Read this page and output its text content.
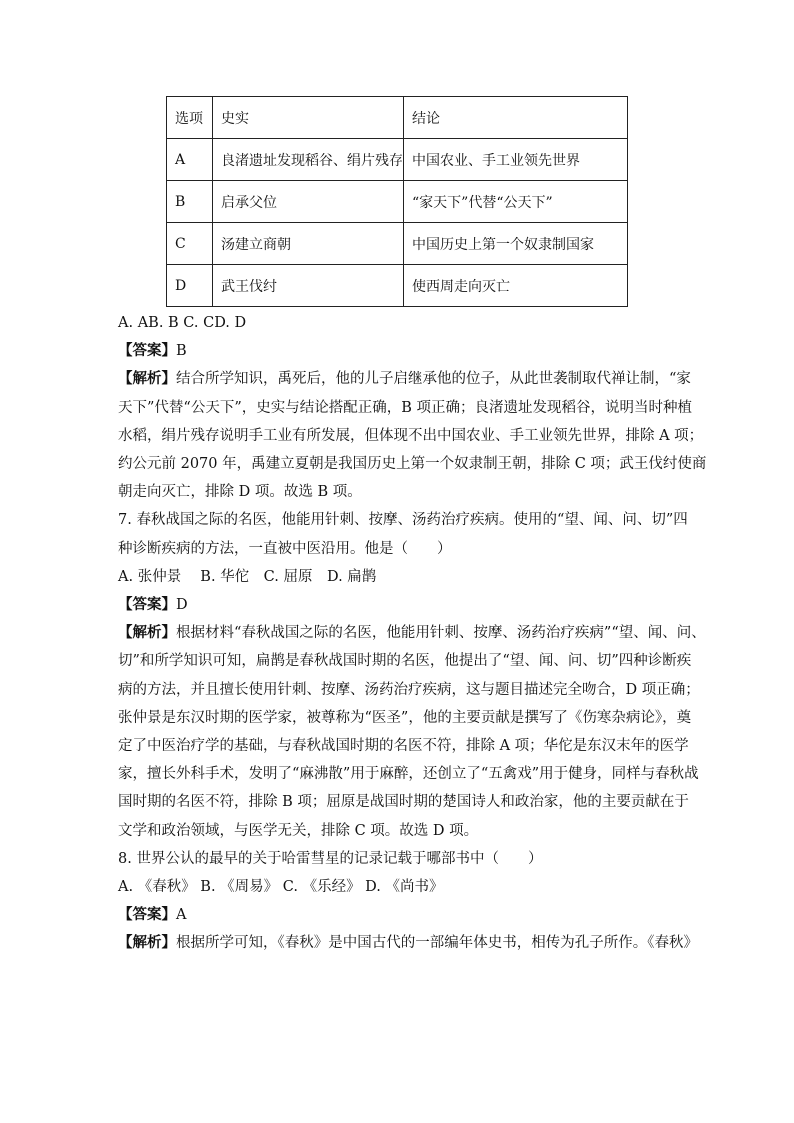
选项	史实	结论
A	良渚遗址发现稻谷、绢片残存	中国农业、手工业领先世界
B	启承父位	“家天下”代替“公天下”
C	汤建立商朝	中国历史上第一个奴隶制国家
D	武王伐纣	使西周走向灭亡
A. AB. B C. CD. D
【答案】B
【解析】结合所学知识，禹死后，他的儿子启继承他的位子，从此世袭制取代禅让制，“家
天下”代替“公天下”，史实与结论搭配正确，B 项正确；良渚遗址发现稻谷，说明当时种植
水稻，绢片残存说明手工业有所发展，但体现不出中国农业、手工业领先世界，排除 A 项；
约公元前 2070 年，禹建立夏朝是我国历史上第一个奴隶制王朝，排除 C 项；武王伐纣使商
朝走向灭亡，排除 D 项。故选 B 项。
7. 春秋战国之际的名医，他能用针刺、按摩、汤药治疗疾病。使用的“望、闻、问、切”四
种诊断疾病的方法，一直被中医沿用。他是（　　）
A. 张仲景　 B. 华佗　C. 屈原　D. 扁鹊
【答案】D
【解析】根据材料“春秋战国之际的名医，他能用针刺、按摩、汤药治疗疾病”“望、闻、问、
切”和所学知识可知，扁鹊是春秋战国时期的名医，他提出了“望、闻、问、切”四种诊断疾
病的方法，并且擅长使用针刺、按摩、汤药治疗疾病，这与题目描述完全吻合，D 项正确；
张仲景是东汉时期的医学家，被尊称为“医圣”，他的主要贡献是撰写了《伤寒杂病论》，奠
定了中医治疗学的基础，与春秋战国时期的名医不符，排除 A 项；华佗是东汉末年的医学
家，擅长外科手术，发明了“麻沸散”用于麻醉，还创立了“五禽戏”用于健身，同样与春秋战
国时期的名医不符，排除 B 项；屈原是战国时期的楚国诗人和政治家，他的主要贡献在于
文学和政治领域，与医学无关，排除 C 项。故选 D 项。
8. 世界公认的最早的关于哈雷彗星的记录记载于哪部书中（　　）
A. 《春秋》 B. 《周易》 C. 《乐经》 D. 《尚书》
【答案】A
【解析】根据所学可知，《春秋》是中国古代的一部编年体史书，相传为孔子所作。《春秋》
